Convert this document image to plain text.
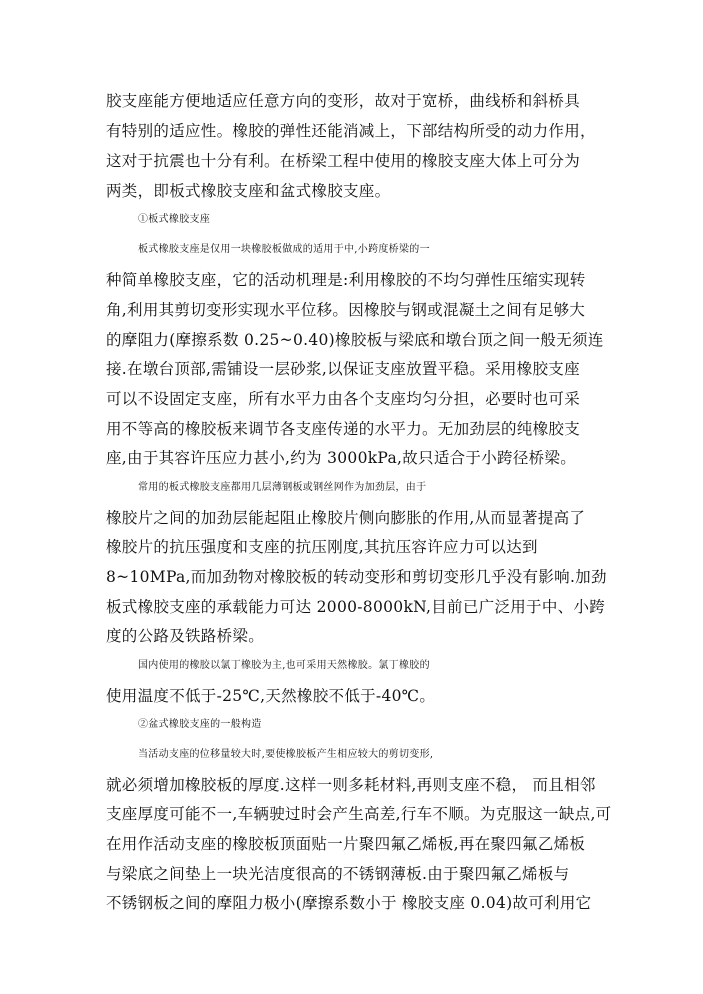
胶支座能方便地适应任意方向的变形，故对于宽桥，曲线桥和斜桥具
有特别的适应性。橡胶的弹性还能消减上，下部结构所受的动力作用，
这对于抗震也十分有利。在桥梁工程中使用的橡胶支座大体上可分为
两类，即板式橡胶支座和盆式橡胶支座。
①板式橡胶支座
板式橡胶支座是仅用一块橡胶板做成的适用于中,小跨度桥梁的一
种简单橡胶支座，它的活动机理是:利用橡胶的不均匀弹性压缩实现转
角,利用其剪切变形实现水平位移。因橡胶与钢或混凝土之间有足够大
的摩阻力(摩擦系数 0.25~0.40)橡胶板与梁底和墩台顶之间一般无须连
接.在墩台顶部,需铺设一层砂浆,以保证支座放置平稳。采用橡胶支座
可以不设固定支座，所有水平力由各个支座均匀分担，必要时也可采
用不等高的橡胶板来调节各支座传递的水平力。无加劲层的纯橡胶支
座,由于其容许压应力甚小,约为 3000kPa,故只适合于小跨径桥梁。
常用的板式橡胶支座都用几层薄钢板或钢丝网作为加劲层，由于
橡胶片之间的加劲层能起阻止橡胶片侧向膨胀的作用,从而显著提高了
橡胶片的抗压强度和支座的抗压刚度,其抗压容许应力可以达到
8~10MPa,而加劲物对橡胶板的转动变形和剪切变形几乎没有影响.加劲
板式橡胶支座的承载能力可达 2000-8000kN,目前已广泛用于中、小跨
度的公路及铁路桥梁。
国内使用的橡胶以氯丁橡胶为主,也可采用天然橡胶。氯丁橡胶的
使用温度不低于-25℃,天然橡胶不低于-40℃。
②盆式橡胶支座的一般构造
当活动支座的位移量较大时,要使橡胶板产生相应较大的剪切变形,
就必须增加橡胶板的厚度.这样一则多耗材料,再则支座不稳， 而且相邻
支座厚度可能不一,车辆驶过时会产生高差,行车不顺。为克服这一缺点,可
在用作活动支座的橡胶板顶面贴一片聚四氟乙烯板,再在聚四氟乙烯板
与梁底之间垫上一块光洁度很高的不锈钢薄板.由于聚四氟乙烯板与
不锈钢板之间的摩阻力极小(摩擦系数小于 橡胶支座 0.04)故可利用它
